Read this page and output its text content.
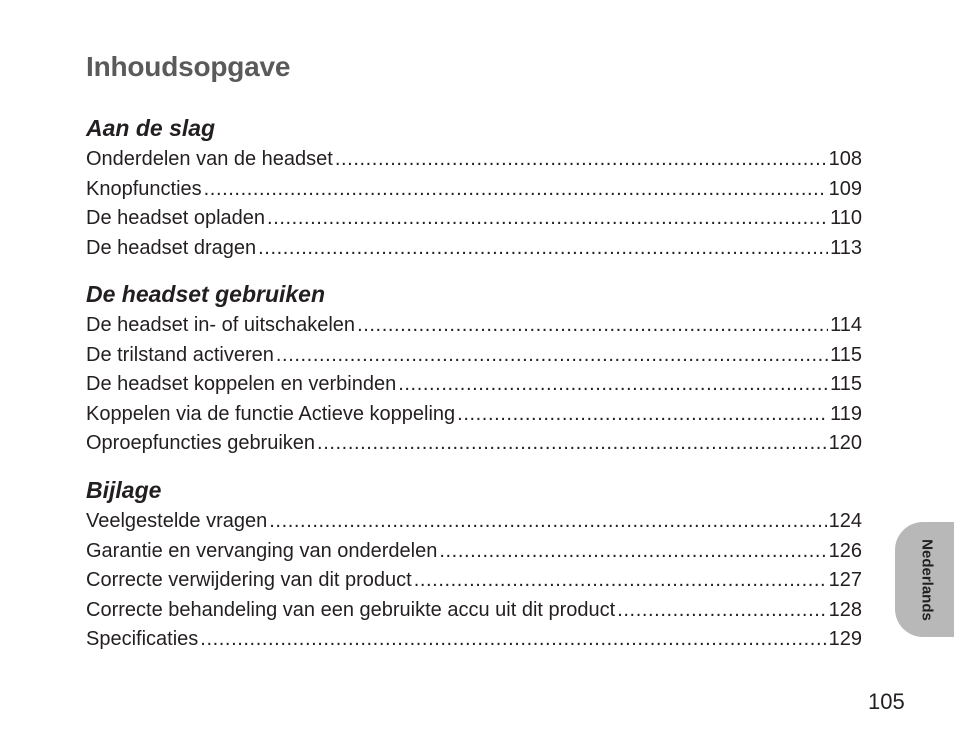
Inhoudsopgave
Aan de slag
Onderdelen van de headset .....	108
Knopfuncties .....	109
De headset opladen .....	110
De headset dragen .....	113
De headset gebruiken
De headset in- of uitschakelen .....	114
De trilstand activeren .....	115
De headset koppelen en verbinden .....	115
Koppelen via de functie Actieve koppeling .....	119
Oproepfuncties gebruiken .....	120
Bijlage
Veelgestelde vragen .....	124
Garantie en vervanging van onderdelen .....	126
Correcte verwijdering van dit product .....	127
Correcte behandeling van een gebruikte accu uit dit product .....	128
Specificaties .....	129
Nederlands
105
